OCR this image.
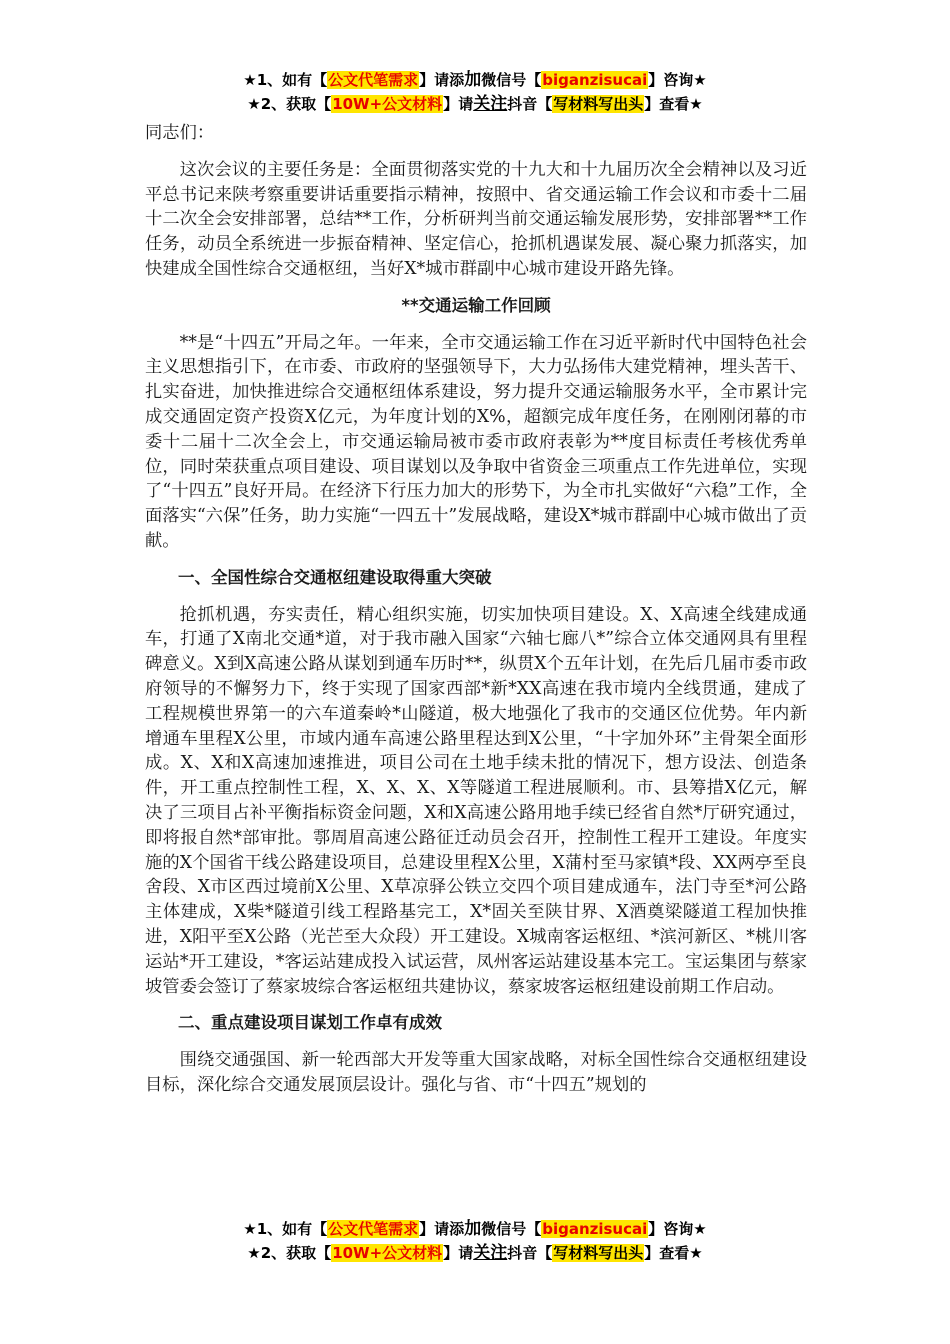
★1、如有【公文代笔需求】请添加微信号【biganzisucai】咨询★
★2、获取【10W+公文材料】请关注抖音【写材料写出头】查看★

同志们：

这次会议的主要任务是：全面贯彻落实党的十九大和十九届历次全会精神以及习近平总书记来陕考察重要讲话重要指示精神，按照中、省交通运输工作会议和市委十二届十二次全会安排部署，总结**工作，分析研判当前交通运输发展形势，安排部署**工作任务，动员全系统进一步振奋精神、坚定信心，抢抓机遇谋发展、凝心聚力抓落实，加快建成全国性综合交通枢纽，当好X*城市群副中心城市建设开路先锋。

**交通运输工作回顾

**是“十四五”开局之年。一年来，全市交通运输工作在习近平新时代中国特色社会主义思想指引下，在市委、市政府的坚强领导下，大力弘扬伟大建党精神，埋头苦干、扎实奋进，加快推进综合交通枢纽体系建设，努力提升交通运输服务水平，全市累计完成交通固定资产投资X亿元，为年度计划的X%，超额完成年度任务，在刚刚闭幕的市委十二届十二次全会上，市交通运输局被市委市政府表彰为**度目标责任考核优秀单位，同时荣获重点项目建设、项目谋划以及争取中省资金三项重点工作先进单位，实现了“十四五”良好开局。在经济下行压力加大的形势下，为全市扎实做好“六稳”工作，全面落实“六保”任务，助力实施“一四五十”发展战略，建设X*城市群副中心城市做出了贡献。

一、全国性综合交通枢纽建设取得重大突破

抢抓机遇，夯实责任，精心组织实施，切实加快项目建设。X、X高速全线建成通车，打通了X南北交通*道，对于我市融入国家“六轴七廊八*”综合立体交通网具有里程碑意义。X到X高速公路从谋划到通车历时**，纵贯X个五年计划，在先后几届市委市政府领导的不懈努力下，终于实现了国家西部*新*XX高速在我市境内全线贯通，建成了工程规模世界第一的六车道秦岭*山隧道，极大地强化了我市的交通区位优势。年内新增通车里程X公里，市域内通车高速公路里程达到X公里，“十字加外环”主骨架全面形成。X、X和X高速加速推进，项目公司在土地手续未批的情况下，想方设法、创造条件，开工重点控制性工程，X、X、X、X等隧道工程进展顺利。市、县筹措X亿元，解决了三项目占补平衡指标资金问题，X和X高速公路用地手续已经省自然*厅研究通过，即将报自然*部审批。鄠周眉高速公路征迁动员会召开，控制性工程开工建设。年度实施的X个国省干线公路建设项目，总建设里程X公里，X蒲村至马家镇*段、XX两亭至良舍段、X市区西过境前X公里、X草凉驿公铁立交四个项目建成通车，法门寺至*河公路主体建成，X柴*隧道引线工程路基完工，X*固关至陕甘界、X酒奠梁隧道工程加快推进，X阳平至X公路（光芒至大众段）开工建设。X城南客运枢纽、*滨河新区、*桃川客运站*开工建设，*客运站建成投入试运营，凤州客运站建设基本完工。宝运集团与蔡家坡管委会签订了蔡家坡综合客运枢纽共建协议，蔡家坡客运枢纽建设前期工作启动。

二、重点建设项目谋划工作卓有成效

围绕交通强国、新一轮西部大开发等重大国家战略，对标全国性综合交通枢纽建设目标，深化综合交通发展顶层设计。强化与省、市“十四五”规划的

★1、如有【公文代笔需求】请添加微信号【biganzisucai】咨询★
★2、获取【10W+公文材料】请关注抖音【写材料写出头】查看★
